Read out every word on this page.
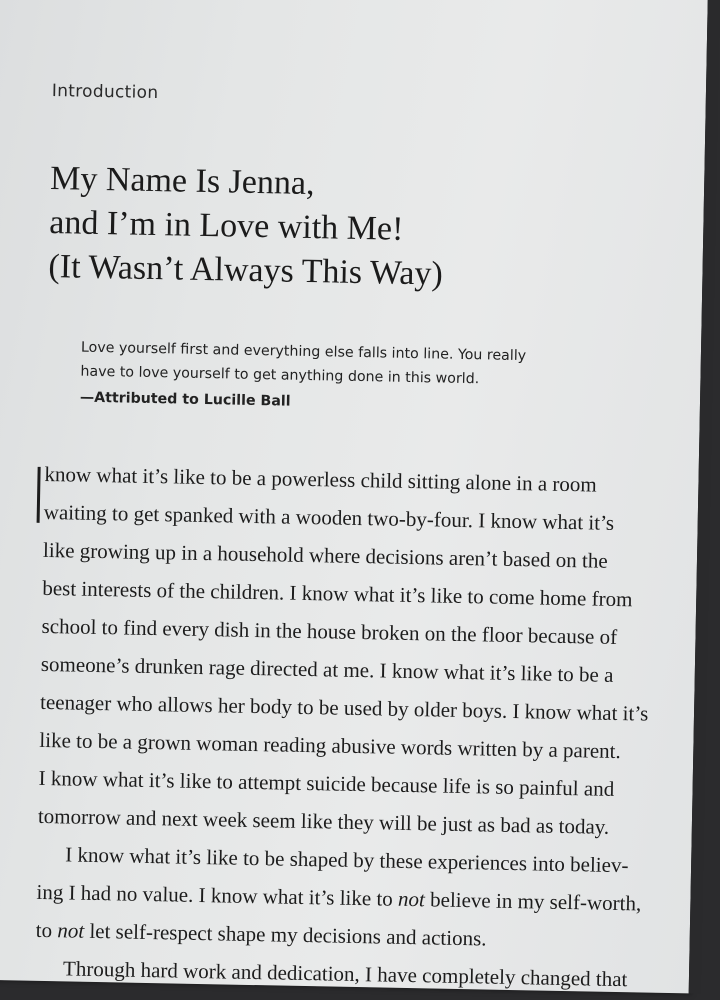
Introduction
My Name Is Jenna,
and I’m in Love with Me!
(It Wasn’t Always This Way)
Love yourself first and everything else falls into line. You really
have to love yourself to get anything done in this world.
—Attributed to Lucille Ball
know what it’s like to be a powerless child sitting alone in a room
waiting to get spanked with a wooden two-by-four. I know what it’s
like growing up in a household where decisions aren’t based on the
best interests of the children. I know what it’s like to come home from
school to find every dish in the house broken on the floor because of
someone’s drunken rage directed at me. I know what it’s like to be a
teenager who allows her body to be used by older boys. I know what it’s
like to be a grown woman reading abusive words written by a parent.
I know what it’s like to attempt suicide because life is so painful and
tomorrow and next week seem like they will be just as bad as today.
I know what it’s like to be shaped by these experiences into believ-
ing I had no value. I know what it’s like to not believe in my self-worth,
to not let self-respect shape my decisions and actions.
Through hard work and dedication, I have completely changed that
